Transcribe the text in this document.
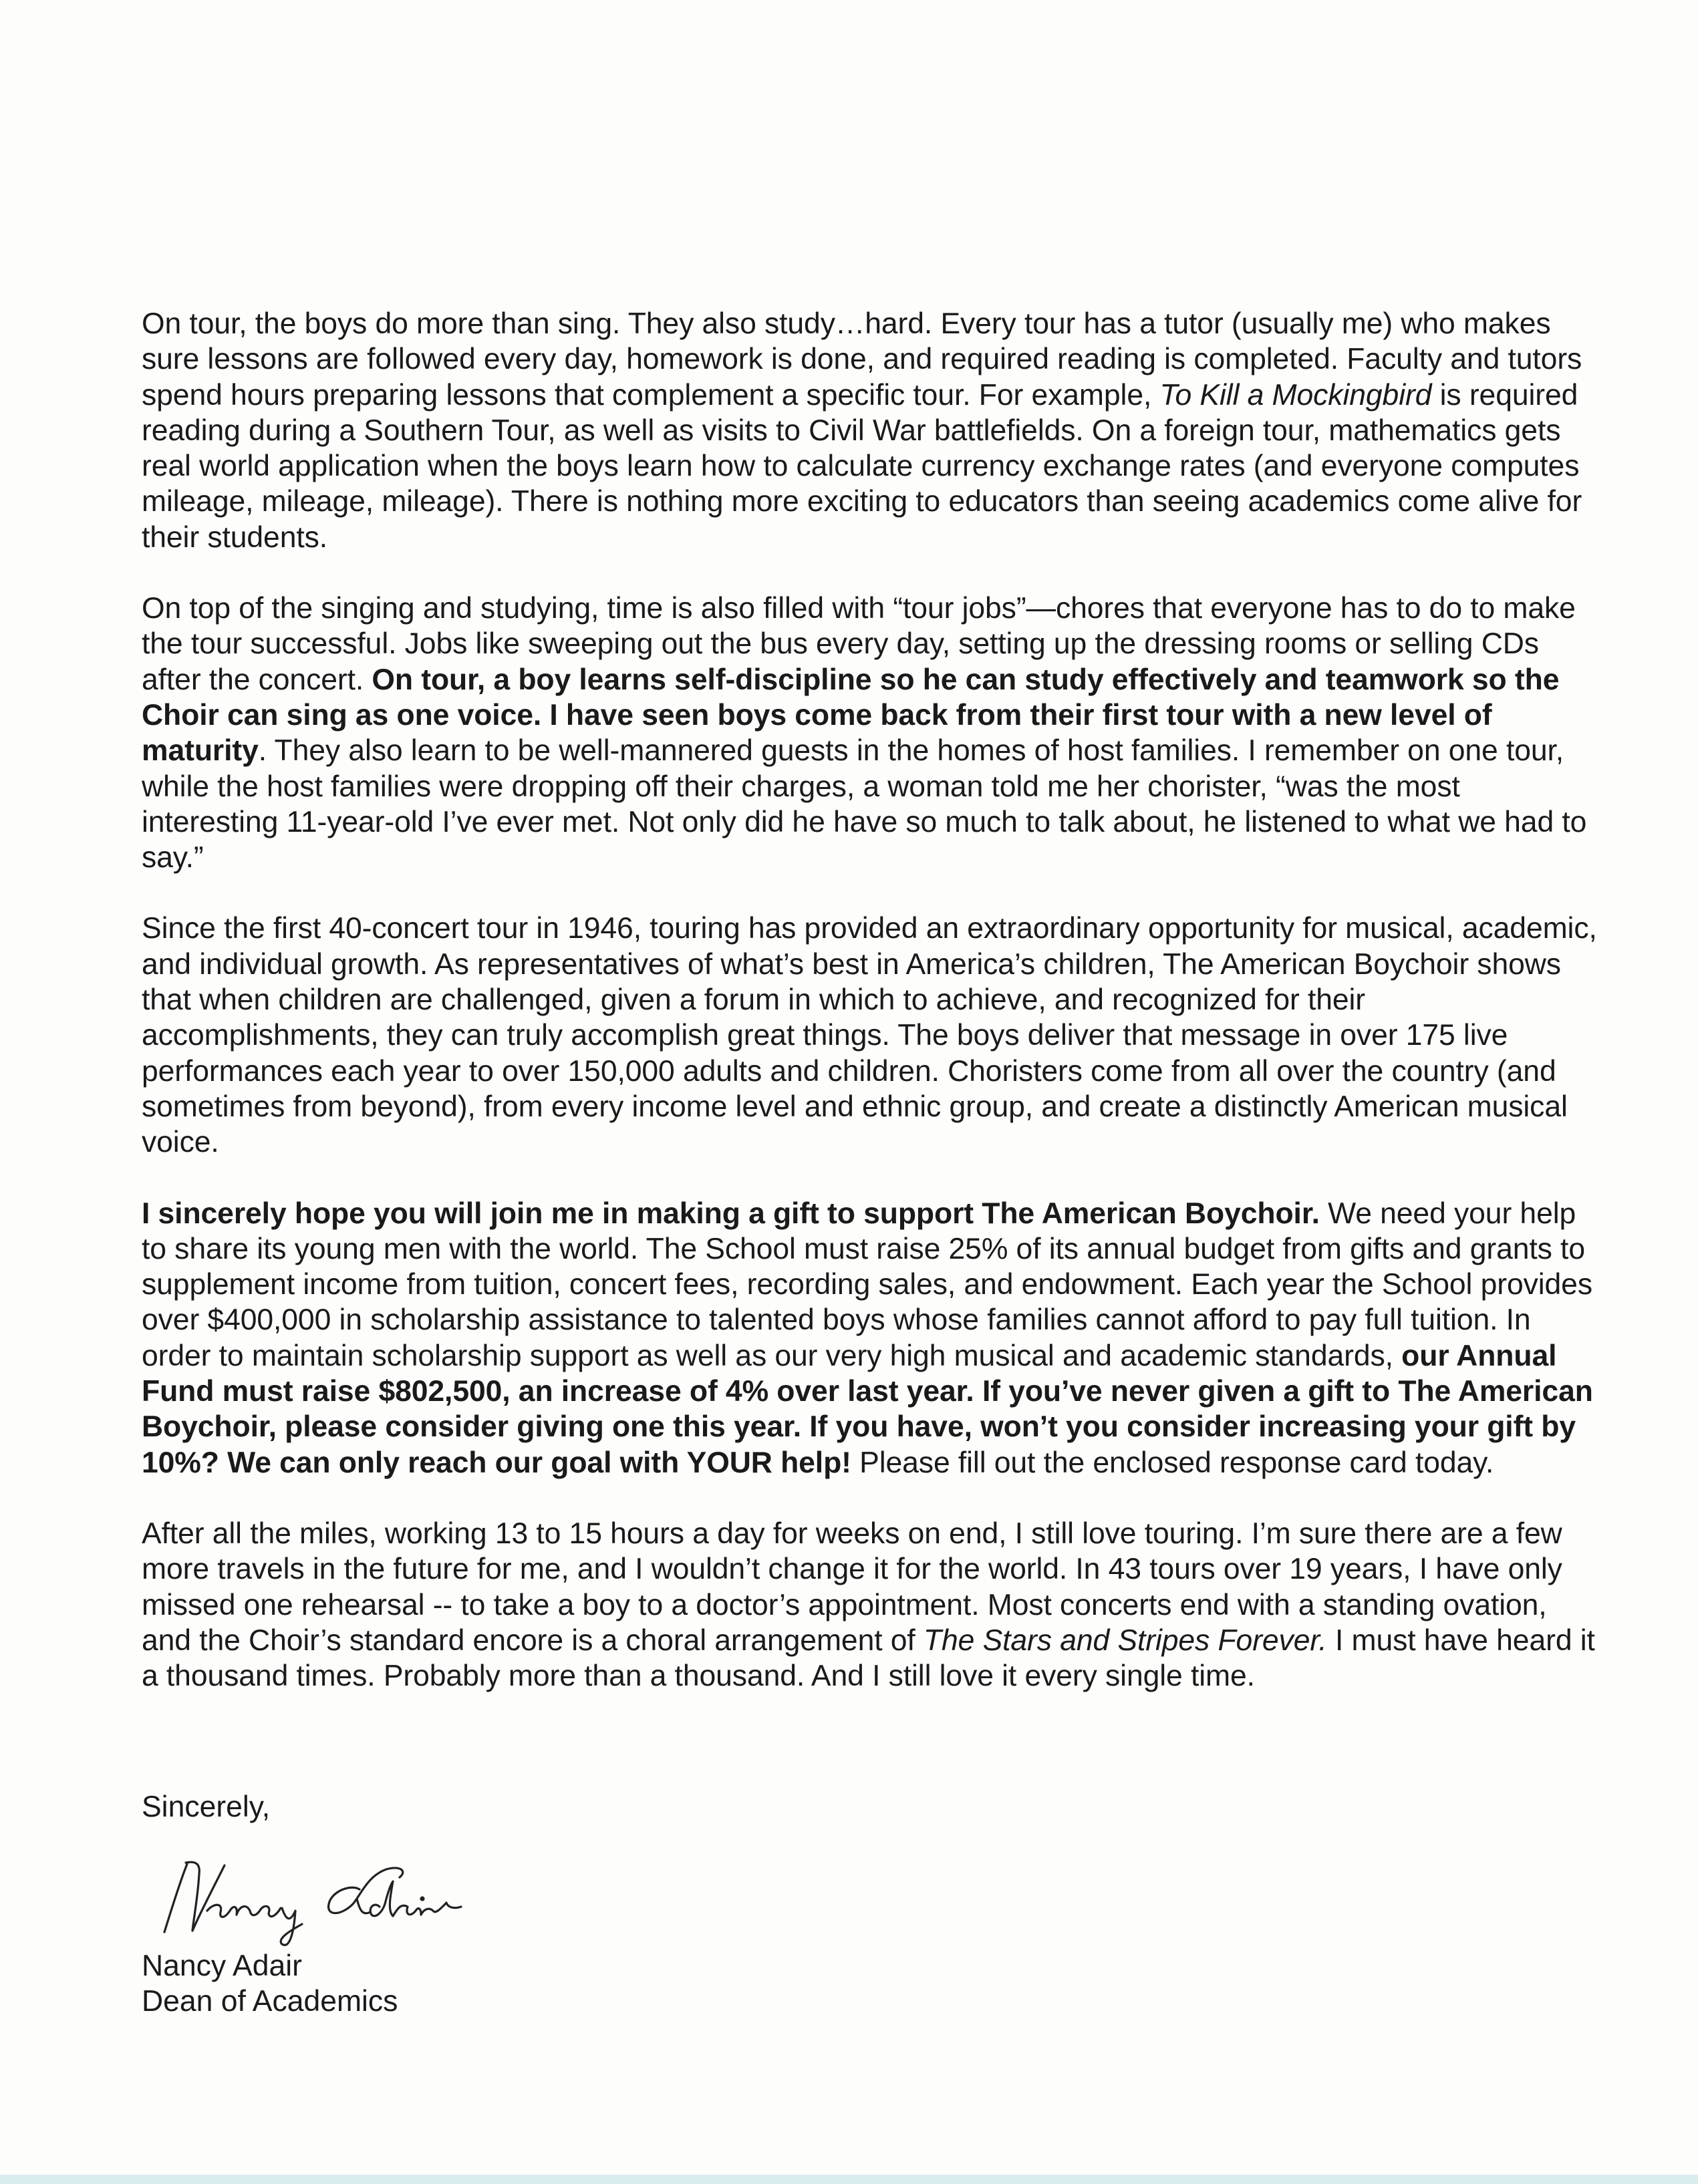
On tour, the boys do more than sing. They also study…hard. Every tour has a tutor (usually me) who makes sure lessons are followed every day, homework is done, and required reading is completed. Faculty and tutors spend hours preparing lessons that complement a specific tour. For example, To Kill a Mockingbird is required reading during a Southern Tour, as well as visits to Civil War battlefields. On a foreign tour, mathematics gets real world application when the boys learn how to calculate currency exchange rates (and everyone computes mileage, mileage, mileage). There is nothing more exciting to educators than seeing academics come alive for their students.

On top of the singing and studying, time is also filled with “tour jobs”—chores that everyone has to do to make the tour successful. Jobs like sweeping out the bus every day, setting up the dressing rooms or selling CDs after the concert. On tour, a boy learns self-discipline so he can study effectively and teamwork so the Choir can sing as one voice. I have seen boys come back from their first tour with a new level of maturity. They also learn to be well-mannered guests in the homes of host families. I remember on one tour, while the host families were dropping off their charges, a woman told me her chorister, “was the most interesting 11-year-old I’ve ever met. Not only did he have so much to talk about, he listened to what we had to say.”

Since the first 40-concert tour in 1946, touring has provided an extraordinary opportunity for musical, academic, and individual growth. As representatives of what’s best in America’s children, The American Boychoir shows that when children are challenged, given a forum in which to achieve, and recognized for their accomplishments, they can truly accomplish great things. The boys deliver that message in over 175 live performances each year to over 150,000 adults and children. Choristers come from all over the country (and sometimes from beyond), from every income level and ethnic group, and create a distinctly American musical voice.

I sincerely hope you will join me in making a gift to support The American Boychoir. We need your help to share its young men with the world. The School must raise 25% of its annual budget from gifts and grants to supplement income from tuition, concert fees, recording sales, and endowment. Each year the School provides over $400,000 in scholarship assistance to talented boys whose families cannot afford to pay full tuition. In order to maintain scholarship support as well as our very high musical and academic standards, our Annual Fund must raise $802,500, an increase of 4% over last year. If you’ve never given a gift to The American Boychoir, please consider giving one this year. If you have, won’t you consider increasing your gift by 10%? We can only reach our goal with YOUR help! Please fill out the enclosed response card today.

After all the miles, working 13 to 15 hours a day for weeks on end, I still love touring. I’m sure there are a few more travels in the future for me, and I wouldn’t change it for the world. In 43 tours over 19 years, I have only missed one rehearsal -- to take a boy to a doctor’s appointment. Most concerts end with a standing ovation, and the Choir’s standard encore is a choral arrangement of The Stars and Stripes Forever. I must have heard it a thousand times. Probably more than a thousand. And I still love it every single time.

Sincerely,

Nancy Adair
Dean of Academics
